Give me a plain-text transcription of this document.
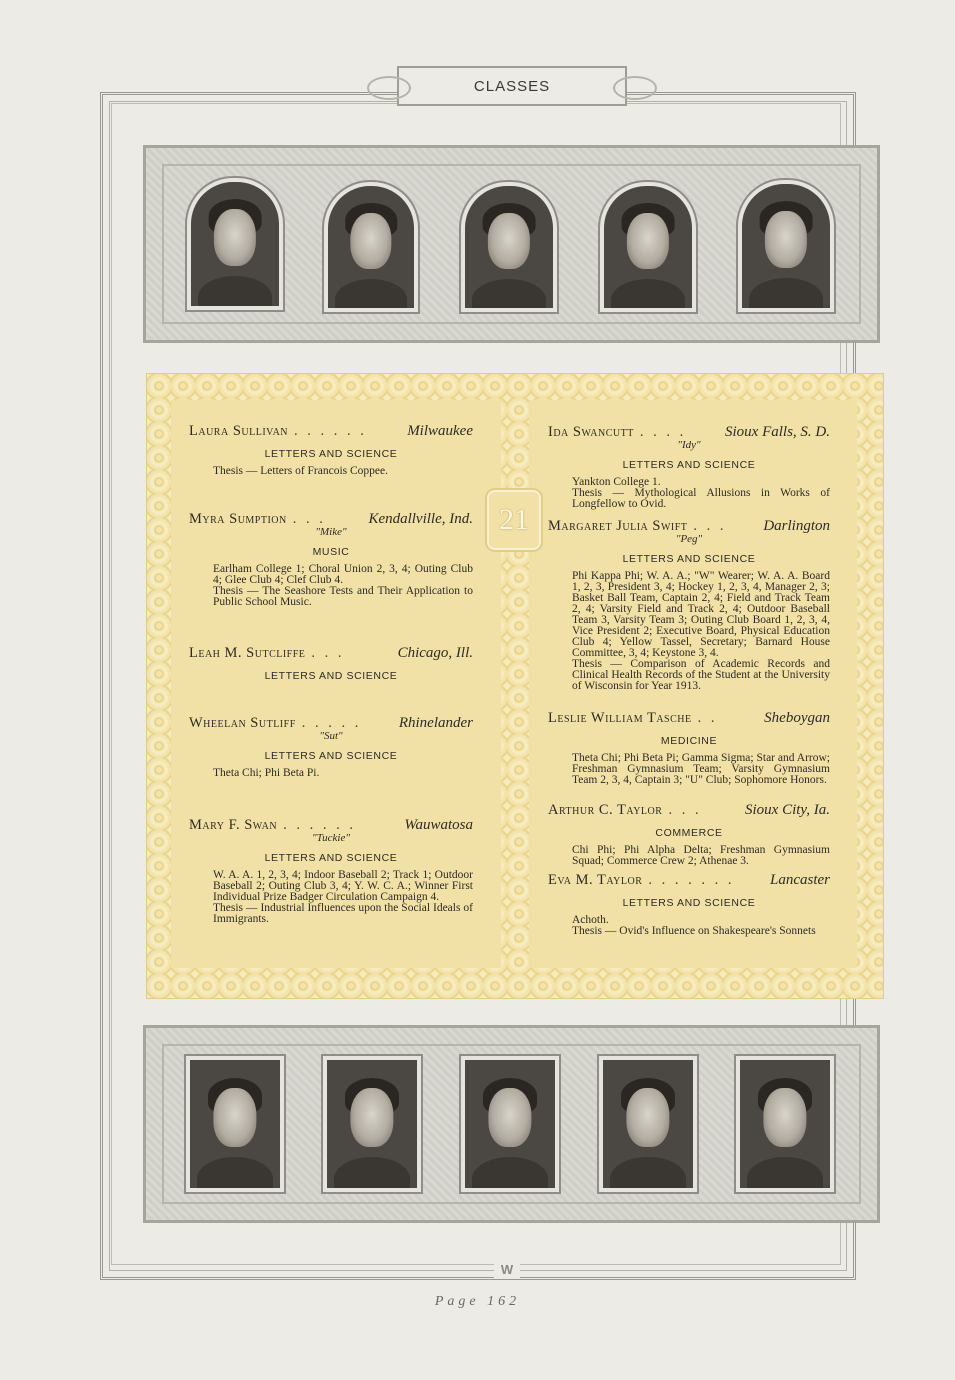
CLASSES
21
Laura Sullivan . . . . . .	Milwaukee
LETTERS AND SCIENCE
Thesis — Letters of Francois Coppee.
Myra Sumption . . .	Kendallville, Ind.
"Mike"
MUSIC
Earlham College 1; Choral Union 2, 3, 4; Outing Club 4; Glee Club 4; Clef Club 4.
Thesis — The Seashore Tests and Their Application to Public School Music.
Leah M. Sutcliffe . . .	Chicago, Ill.
LETTERS AND SCIENCE
Wheelan Sutliff . . . . .	Rhinelander
"Sut"
LETTERS AND SCIENCE
Theta Chi; Phi Beta Pi.
Mary F. Swan . . . . . .	Wauwatosa
"Tuckie"
LETTERS AND SCIENCE
W. A. A. 1, 2, 3, 4; Indoor Baseball 2; Track 1; Outdoor Baseball 2; Outing Club 3, 4; Y. W. C. A.; Winner First Individual Prize Badger Circulation Campaign 4.
Thesis — Industrial Influences upon the Social Ideals of Immigrants.
Ida Swancutt . . . .	Sioux Falls, S. D.
"Idy"
LETTERS AND SCIENCE
Yankton College 1.
Thesis — Mythological Allusions in Works of Longfellow to Ovid.
Margaret Julia Swift . . .	Darlington
"Peg"
LETTERS AND SCIENCE
Phi Kappa Phi; W. A. A.; "W" Wearer; W. A. A. Board 1, 2, 3, President 3, 4; Hockey 1, 2, 3, 4, Manager 2, 3; Basket Ball Team, Captain 2, 4; Field and Track Team 2, 4; Varsity Field and Track 2, 4; Outdoor Baseball Team 3, Varsity Team 3; Outing Club Board 1, 2, 3, 4, Vice President 2; Executive Board, Physical Education Club 4; Yellow Tassel, Secretary; Barnard House Committee, 3, 4; Keystone 3, 4.
Thesis — Comparison of Academic Records and Clinical Health Records of the Student at the University of Wisconsin for Year 1913.
Leslie William Tasche . .	Sheboygan
MEDICINE
Theta Chi; Phi Beta Pi; Gamma Sigma; Star and Arrow; Freshman Gymnasium Team; Varsity Gymnasium Team 2, 3, 4, Captain 3; "U" Club; Sophomore Honors.
Arthur C. Taylor . . .	Sioux City, Ia.
COMMERCE
Chi Phi; Phi Alpha Delta; Freshman Gymnasium Squad; Commerce Crew 2; Athenae 3.
Eva M. Taylor . . . . . . .	Lancaster
LETTERS AND SCIENCE
Achoth.
Thesis — Ovid's Influence on Shakespeare's Sonnets
W
Page 162
